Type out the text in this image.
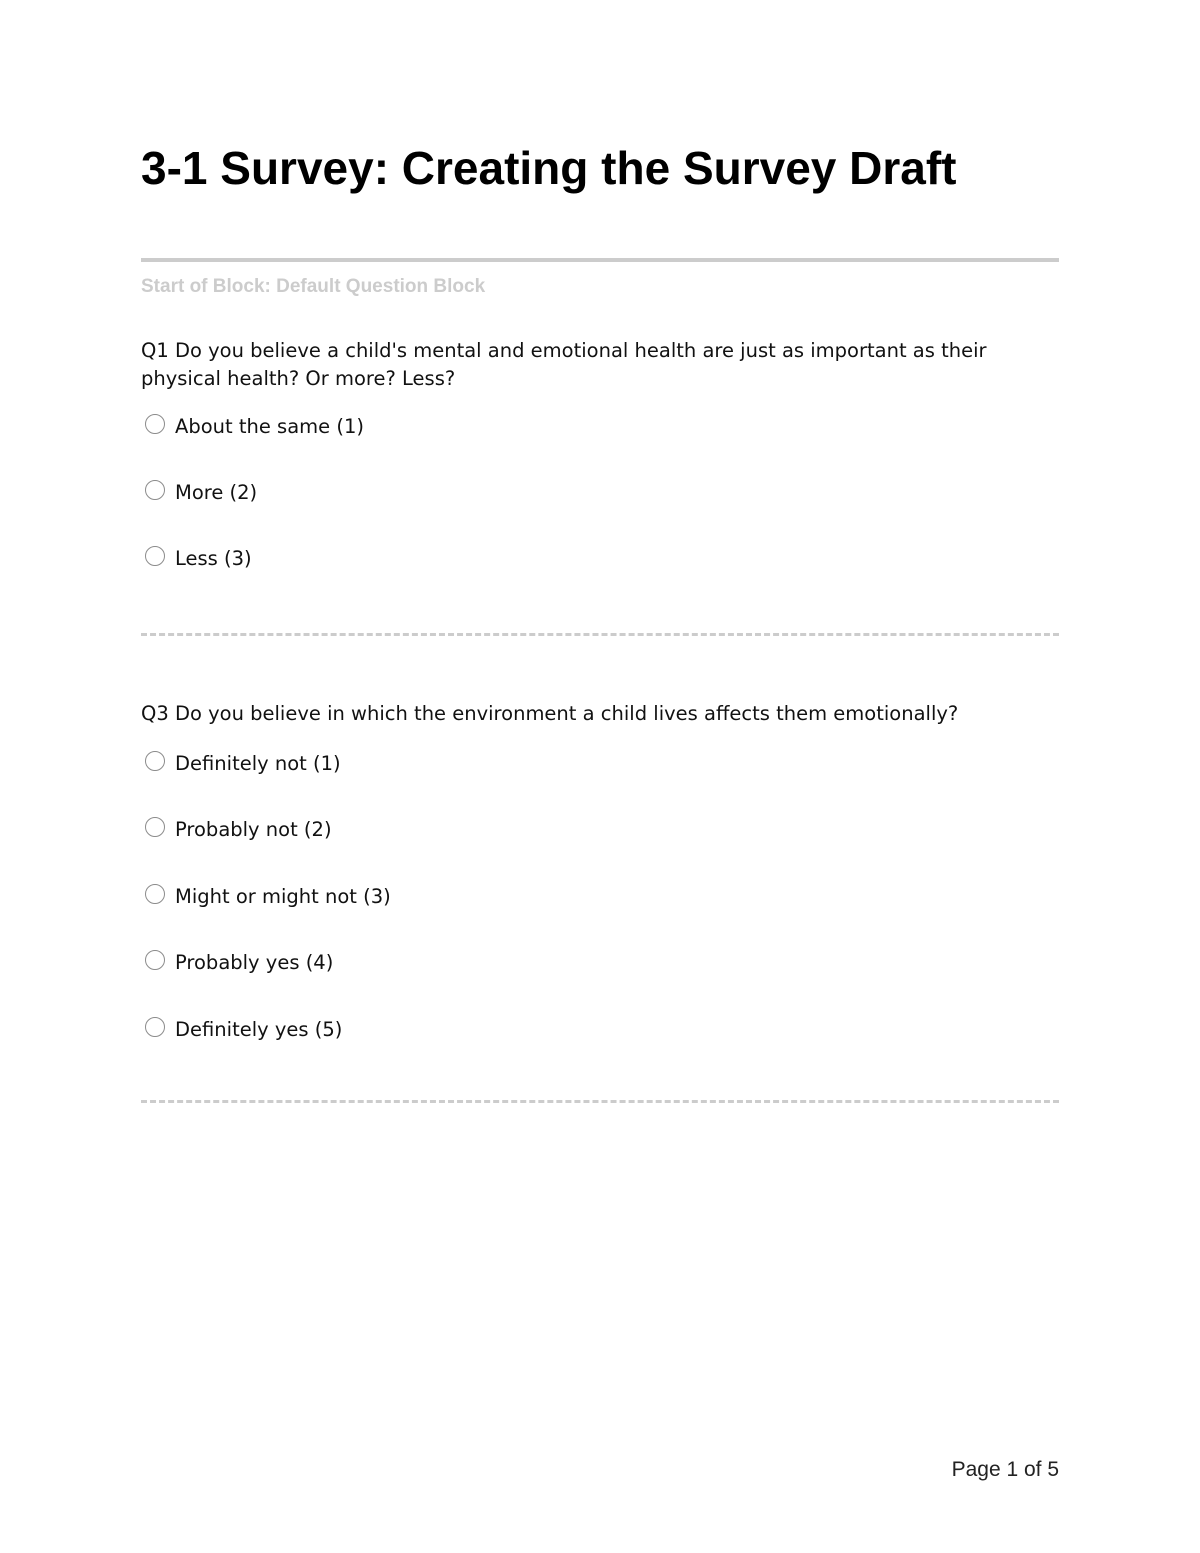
3-1 Survey: Creating the Survey Draft
Start of Block: Default Question Block

Q1 Do you believe a child's mental and emotional health are just as important as their physical health? Or more? Less?

About the same (1)
More (2)
Less (3)

Q3 Do you believe in which the environment a child lives affects them emotionally?

Definitely not (1)
Probably not (2)
Might or might not (3)
Probably yes (4)
Definitely yes (5)
Page 1 of 5
